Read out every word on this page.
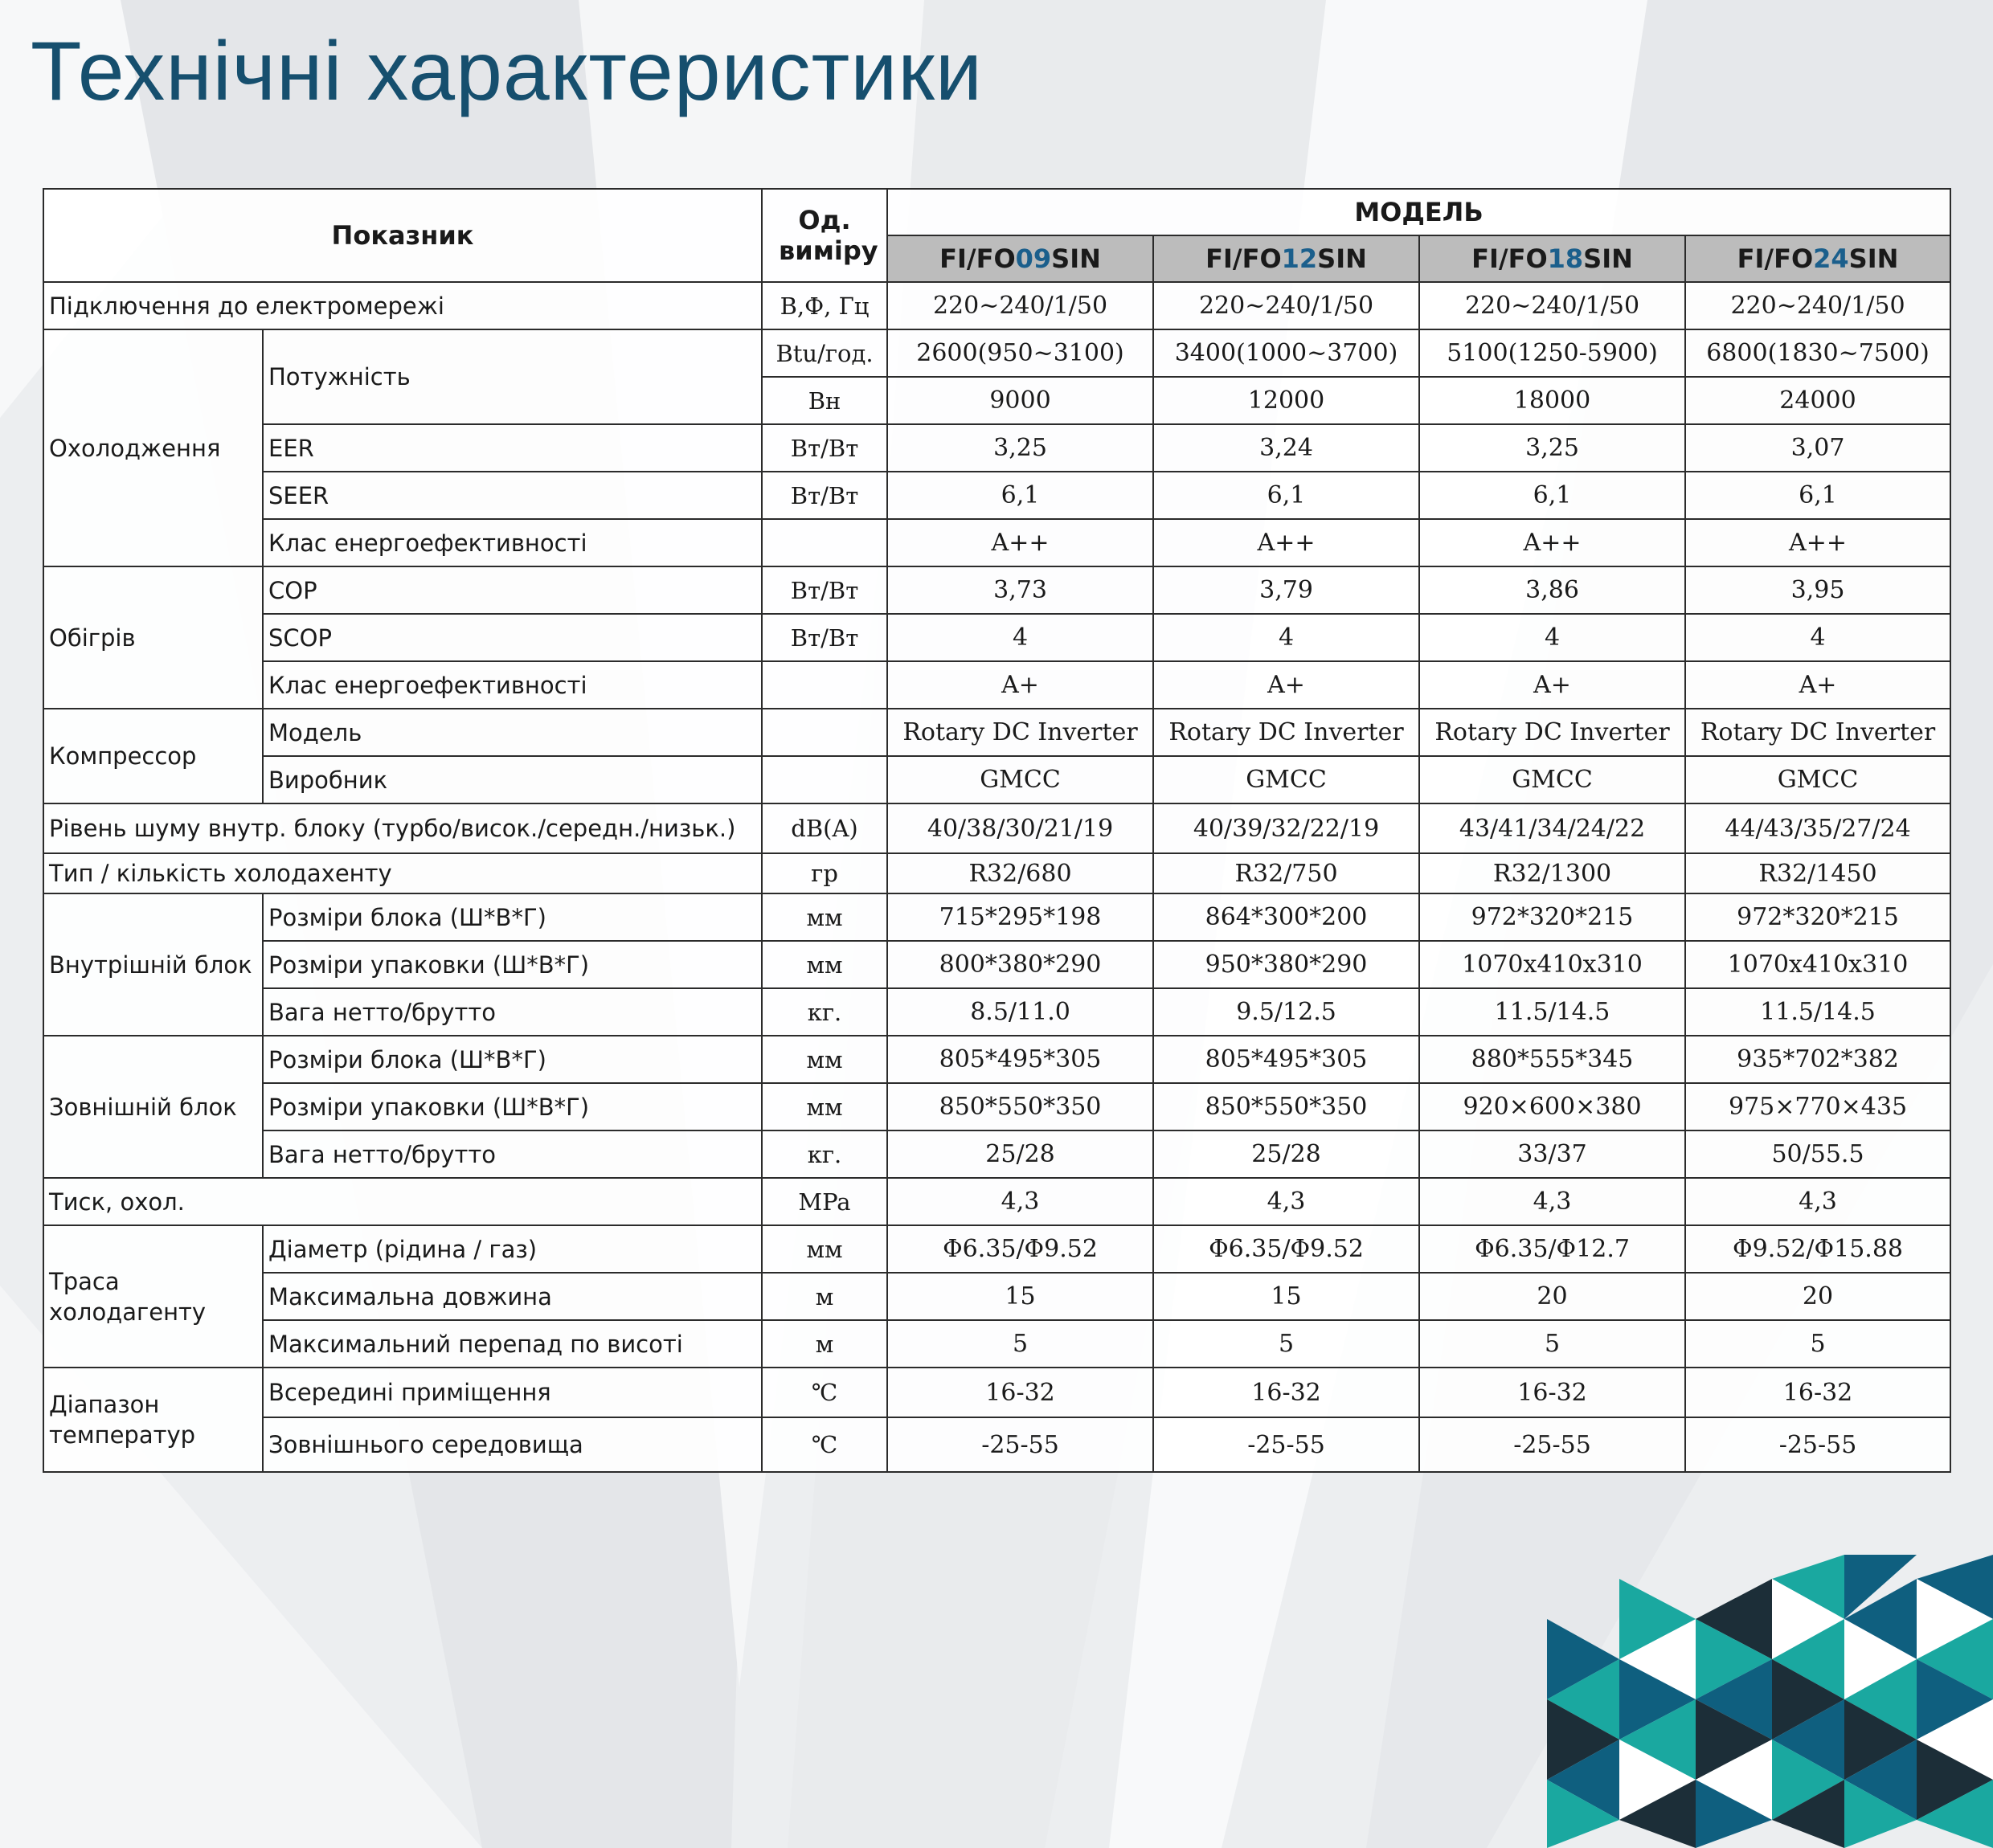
Технічні характеристики
Показник		Од. виміру	МОДЕЛЬ			
			FI/FO09SIN	FI/FO12SIN	FI/FO18SIN	FI/FO24SIN
Підключення до електромережі		В,Ф, Гц	220~240/1/50	220~240/1/50	220~240/1/50	220~240/1/50
Охолодження	Потужність	Btu/год.	2600(950~3100)	3400(1000~3700)	5100(1250-5900)	6800(1830~7500)
		Вн	9000	12000	18000	24000
	EER	Вт/Вт	3,25	3,24	3,25	3,07
	SEER	Вт/Вт	6,1	6,1	6,1	6,1
	Клас енергоефективності		A++	A++	A++	A++
Обігрів	COP	Вт/Вт	3,73	3,79	3,86	3,95
	SCOP	Вт/Вт	4	4	4	4
	Клас енергоефективності		A+	A+	A+	A+
Компрессор	Модель		Rotary DC Inverter	Rotary DC Inverter	Rotary DC Inverter	Rotary DC Inverter
	Виробник		GMCC	GMCC	GMCC	GMCC
Рівень шуму внутр. блоку (турбо/висок./середн./низьк.)		dB(A)	40/38/30/21/19	40/39/32/22/19	43/41/34/24/22	44/43/35/27/24
Тип / кількість холодахенту		гр	R32/680	R32/750	R32/1300	R32/1450
Внутрішній блок	Розміри блока (Ш*В*Г)	мм	715*295*198	864*300*200	972*320*215	972*320*215
	Розміри упаковки (Ш*В*Г)	мм	800*380*290	950*380*290	1070x410x310	1070x410x310
	Вага нетто/брутто	кг.	8.5/11.0	9.5/12.5	11.5/14.5	11.5/14.5
Зовнішній блок	Розміри блока (Ш*В*Г)	мм	805*495*305	805*495*305	880*555*345	935*702*382
	Розміри упаковки (Ш*В*Г)	мм	850*550*350	850*550*350	920×600×380	975×770×435
	Вага нетто/брутто	кг.	25/28	25/28	33/37	50/55.5
Тиск, охол.		MPa	4,3	4,3	4,3	4,3
Траса холодагенту	Діаметр (рідина / газ)	мм	Φ6.35/Φ9.52	Φ6.35/Φ9.52	Φ6.35/Φ12.7	Φ9.52/Φ15.88
	Максимальна довжина	м	15	15	20	20
	Максимальний перепад по висоті	м	5	5	5	5
Діапазон температур	Всередині приміщення	℃	16-32	16-32	16-32	16-32
	Зовнішнього середовища	℃	-25-55	-25-55	-25-55	-25-55
